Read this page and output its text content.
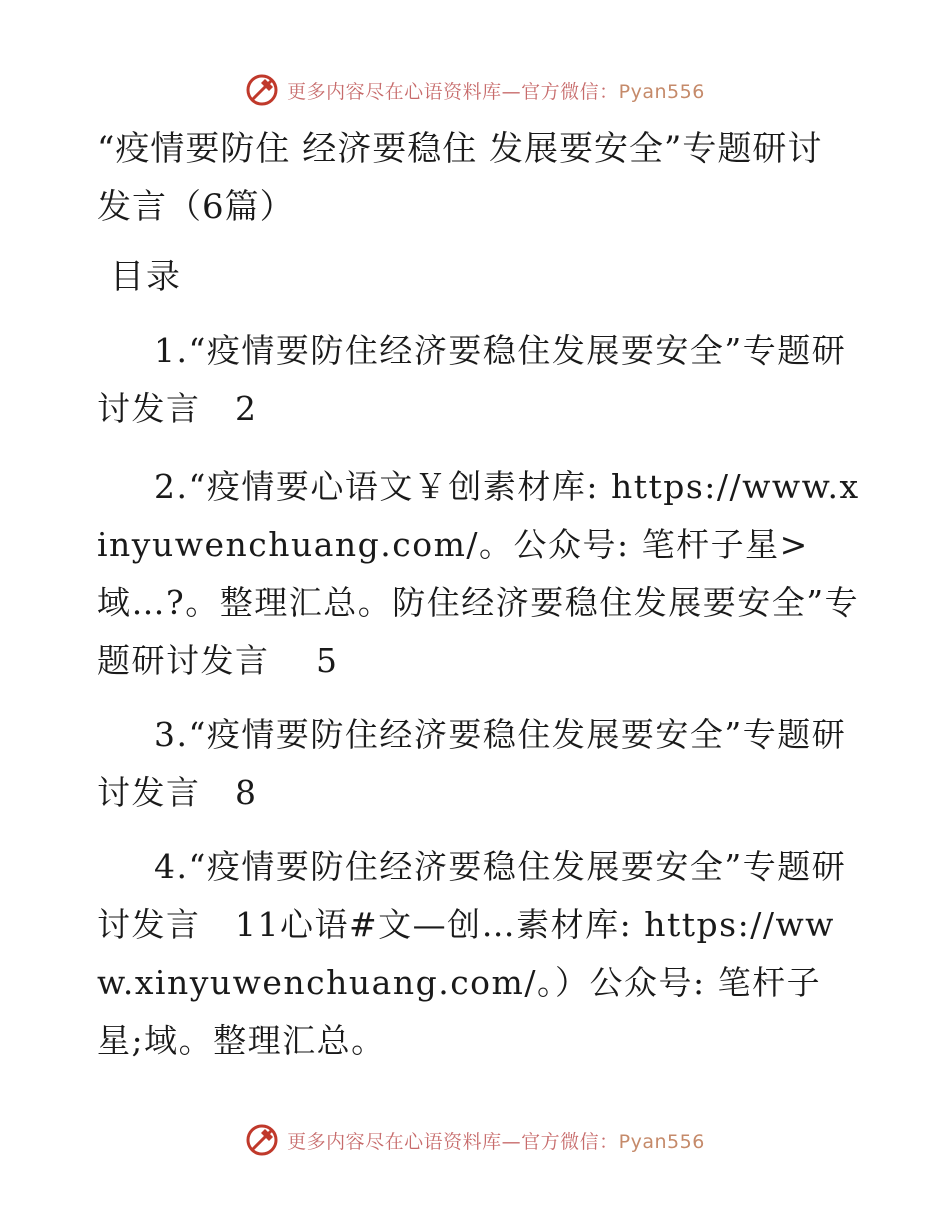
更多内容尽在心语资料库—官方微信：Pyan556
“疫情要防住 经济要稳住 发展要安全”专题研讨发言（6篇）
目录
1.“疫情要防住经济要稳住发展要安全”专题研讨发言　2
2.“疫情要心语文￥创素材库: https://www.xinyuwenchuang.com/。公众号: 笔杆子星>域…?。整理汇总。防住经济要稳住发展要安全”专题研讨发言　 5
3.“疫情要防住经济要稳住发展要安全”专题研讨发言　8
4.“疫情要防住经济要稳住发展要安全”专题研讨发言　11心语#文—创…素材库: https://www.xinyuwenchuang.com/。）公众号: 笔杆子星;域。整理汇总。
更多内容尽在心语资料库—官方微信：Pyan556
